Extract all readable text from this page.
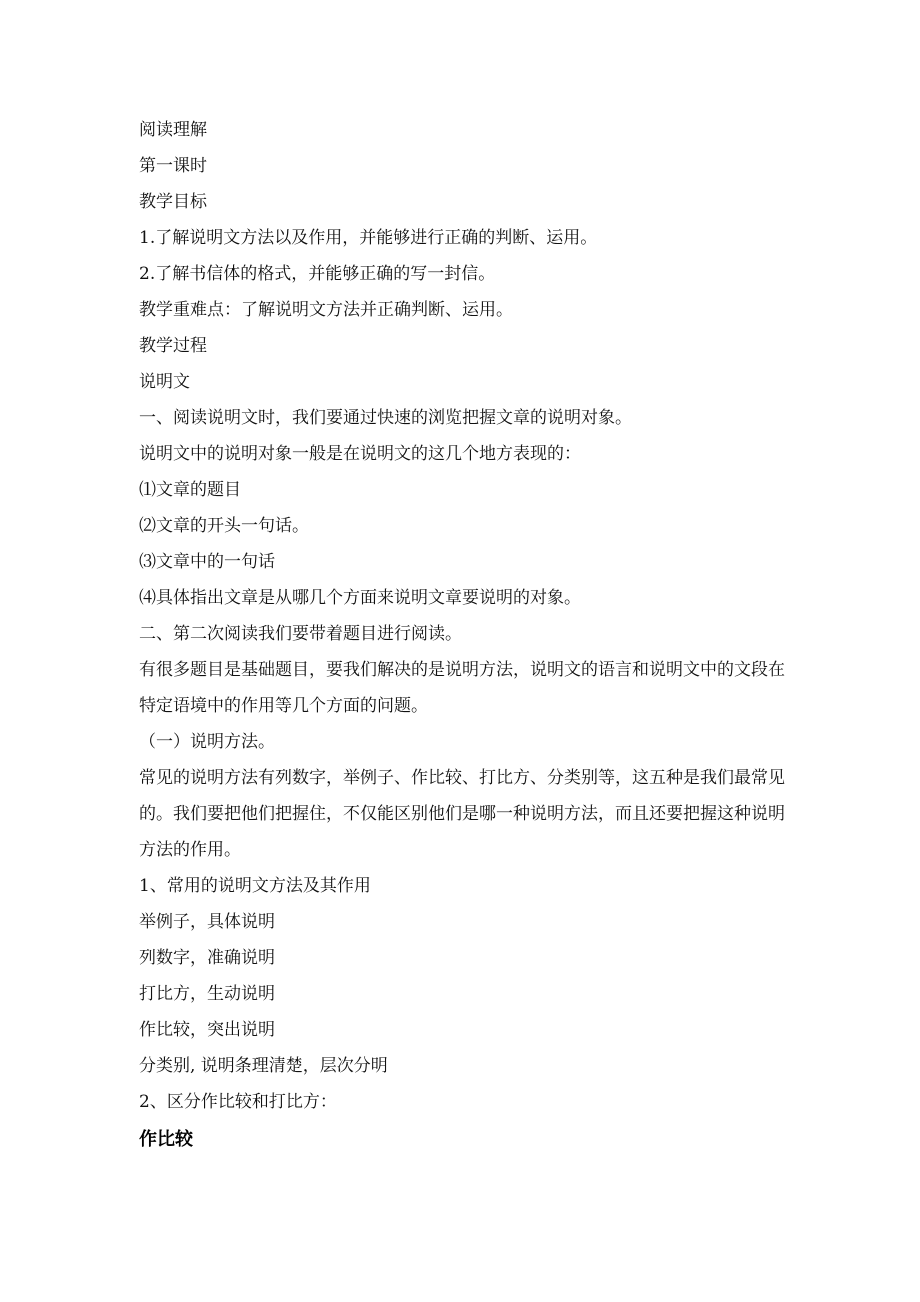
阅读理解
第一课时
教学目标
1.了解说明文方法以及作用，并能够进行正确的判断、运用。
2.了解书信体的格式，并能够正确的写一封信。
教学重难点：了解说明文方法并正确判断、运用。
教学过程
说明文
一、阅读说明文时，我们要通过快速的浏览把握文章的说明对象。
说明文中的说明对象一般是在说明文的这几个地方表现的：
⑴文章的题目
⑵文章的开头一句话。
⑶文章中的一句话
⑷具体指出文章是从哪几个方面来说明文章要说明的对象。
二、第二次阅读我们要带着题目进行阅读。
有很多题目是基础题目，要我们解决的是说明方法，说明文的语言和说明文中的文段在特定语境中的作用等几个方面的问题。
（一）说明方法。
常见的说明方法有列数字，举例子、作比较、打比方、分类别等，这五种是我们最常见的。我们要把他们把握住，不仅能区别他们是哪一种说明方法，而且还要把握这种说明方法的作用。
1、常用的说明文方法及其作用
举例子，具体说明
列数字，准确说明
打比方，生动说明
作比较，突出说明
分类别, 说明条理清楚，层次分明
2、区分作比较和打比方：
作比较
